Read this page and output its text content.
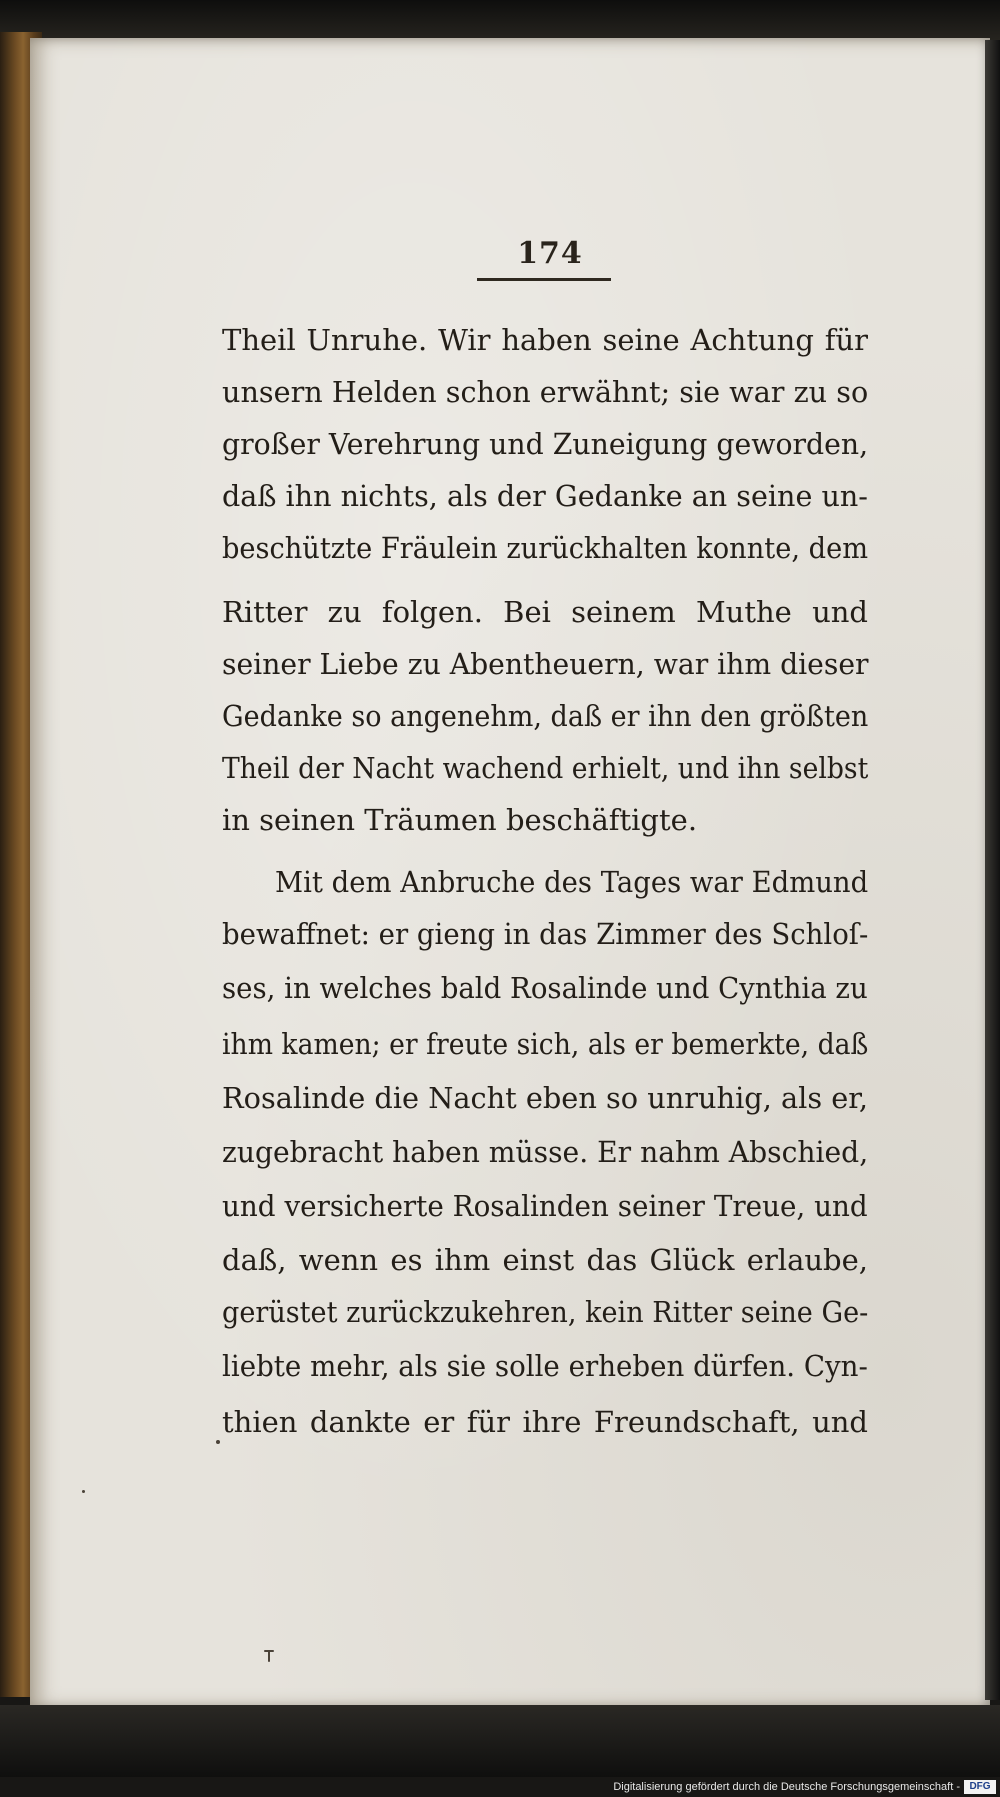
174
Theil Unruhe. Wir haben seine Achtung für
unsern Helden schon erwähnt; sie war zu so
großer Verehrung und Zuneigung geworden,
daß ihn nichts, als der Gedanke an seine un-
beschützte Fräulein zurückhalten konnte, dem
Ritter zu folgen. Bei seinem Muthe und
seiner Liebe zu Abentheuern, war ihm dieser
Gedanke so angenehm, daß er ihn den größten
Theil der Nacht wachend erhielt, und ihn selbst
in seinen Träumen beschäftigte.
Mit dem Anbruche des Tages war Edmund
bewaffnet: er gieng in das Zimmer des Schloſ-
ses, in welches bald Rosalinde und Cynthia zu
ihm kamen; er freute sich, als er bemerkte, daß
Rosalinde die Nacht eben so unruhig, als er,
zugebracht haben müsse. Er nahm Abschied,
und versicherte Rosalinden seiner Treue, und
daß, wenn es ihm einst das Glück erlaube,
gerüstet zurückzukehren, kein Ritter seine Ge-
liebte mehr, als sie solle erheben dürfen. Cyn-
thien dankte er für ihre Freundschaft, und
Digitalisierung gefördert durch die Deutsche Forschungsgemeinschaft - DFG
